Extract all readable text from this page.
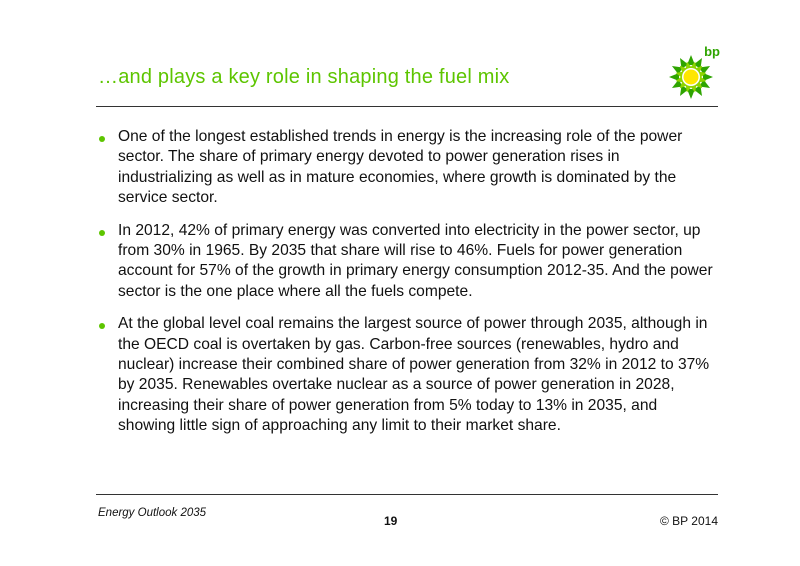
…and plays a key role in shaping the fuel mix
bp
One of the longest established trends in energy is the increasing role of the power sector. The share of primary energy devoted to power generation rises in industrializing as well as in mature economies, where growth is dominated by the service sector.
In 2012, 42% of primary energy was converted into electricity in the power sector, up from 30% in 1965. By 2035 that share will rise to 46%. Fuels for power generation account for 57% of the growth in primary energy consumption 2012-35. And the power sector is the one place where all the fuels compete.
At the global level coal remains the largest source of power through 2035, although in the OECD coal is overtaken by gas. Carbon-free sources (renewables, hydro and nuclear) increase their combined share of power generation from 32% in 2012 to 37% by 2035. Renewables overtake nuclear as a source of power generation in 2028, increasing their share of power generation from 5% today to 13% in 2035, and showing little sign of approaching any limit to their market share.
Energy Outlook 2035
19	© BP 2014
